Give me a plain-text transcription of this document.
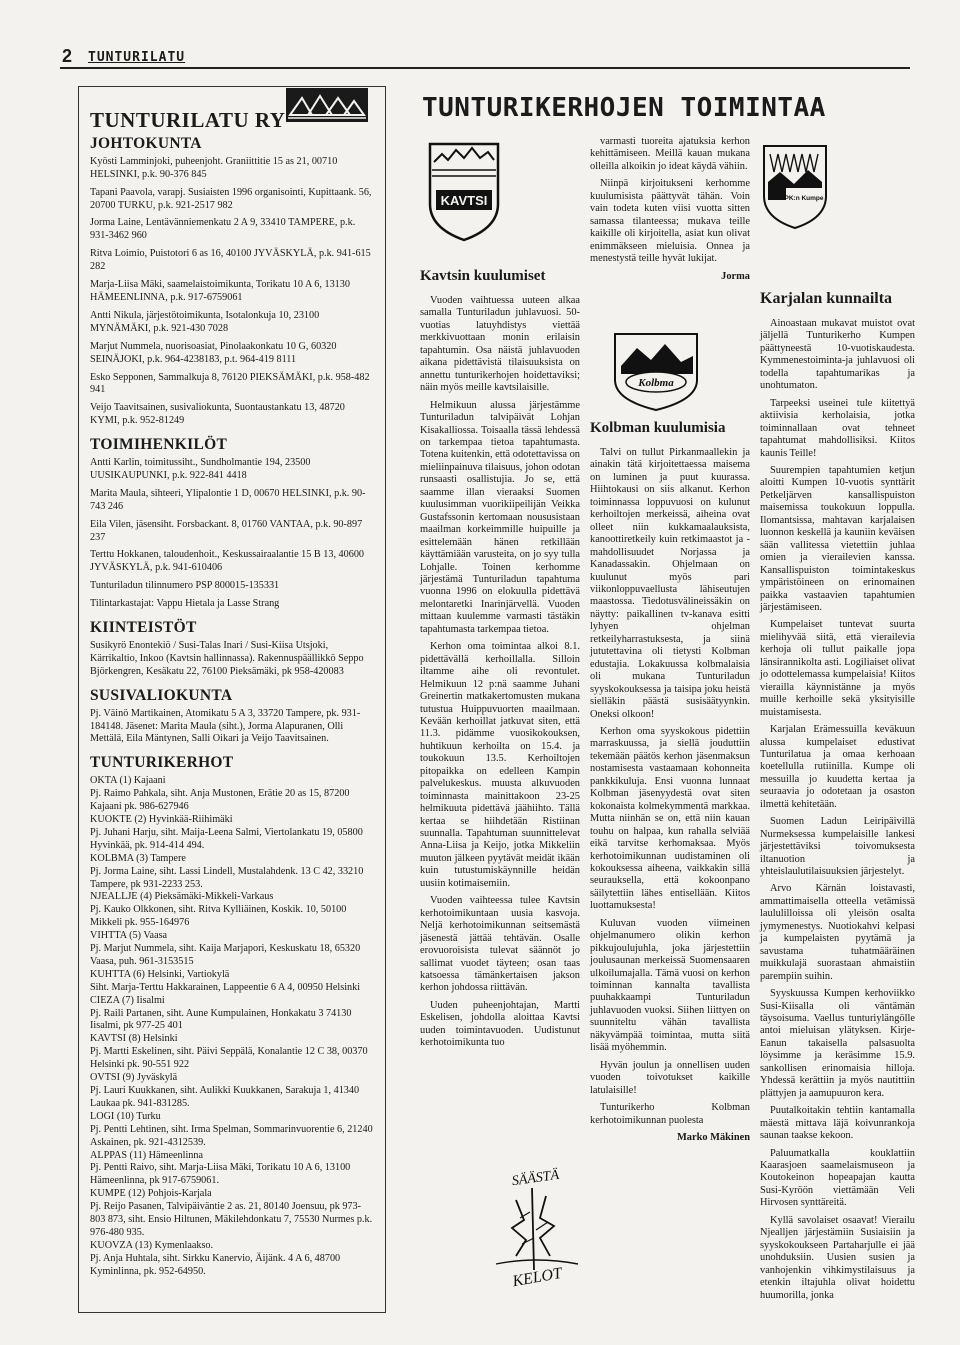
2 TUNTURILATU
TUNTURILATU RY
JOHTOKUNTA

Kyösti Lamminjoki, puheenjoht. Graniittitie 15 as 21, 00710 HELSINKI, p.k. 90-376 845

Tapani Paavola, varapj. Susiaisten 1996 organisointi, Kupittaank. 56, 20700 TURKU, p.k. 921-2517 982

Jorma Laine, Lentävänniemenkatu 2 A 9, 33410 TAMPERE, p.k. 931-3462 960

Ritva Loimio, Puistotori 6 as 16, 40100 JYVÄSKYLÄ, p.k. 941-615 282

Marja-Liisa Mäki, saamelaistoimikunta, Torikatu 10 A 6, 13130 HÄMEENLINNA, p.k. 917-6759061

Antti Nikula, järjestötoimikunta, Isotalonkuja 10, 23100 MYNÄMÄKI, p.k. 921-430 7028

Marjut Nummela, nuorisoasiat, Pinolaakonkatu 10 G, 60320 SEINÄJOKI, p.k. 964-4238183, p.t. 964-419 8111

Esko Sepponen, Sammalkuja 8, 76120 PIEKSÄMÄKI, p.k. 958-482 941

Veijo Taavitsainen, susivaliokunta, Suontaustankatu 13, 48720 KYMI, p.k. 952-81249

TOIMIHENKILÖT

Antti Karlin, toimitussiht., Sundholmantie 194, 23500 UUSIKAUPUNKI, p.k. 922-841 4418

Marita Maula, sihteeri, Ylipalontie 1 D, 00670 HELSINKI, p.k. 90-743 246

Eila Vilen, jäsensiht. Forsbackant. 8, 01760 VANTAA, p.k. 90-897 237

Terttu Hokkanen, taloudenhoit., Keskussairaalantie 15 B 13, 40600 JYVÄSKYLÄ, p.k. 941-610406

Tunturiladun tilinnumero PSP 800015-135331

Tilintarkastajat: Vappu Hietala ja Lasse Strang

KIINTEISTÖT

Susikyrö Enontekiö / Susi-Talas Inari / Susi-Kiisa Utsjoki, Kärrikaltio, Inkoo (Kavtsin hallinnassa). Rakennuspäällikkö Seppo Björkengren, Kesäkatu 22, 76100 Pieksämäki, pk 958-420083

SUSIVALIOKUNTA

Pj. Väinö Martikainen, Atomikatu 5 A 3, 33720 Tampere, pk. 931-184148. Jäsenet: Marita Maula (siht.), Jorma Alapuranen, Olli Mettälä, Eila Mäntynen, Salli Oikari ja Veijo Taavitsainen.

TUNTURIKERHOT

OKTA (1) Kajaani

Pj. Raimo Pahkala, siht. Anja Mustonen, Erätie 20 as 15, 87200 Kajaani pk. 986-627946

KUOKTE (2) Hyvinkää-Riihimäki

Pj. Juhani Harju, siht. Maija-Leena Salmi, Viertolankatu 19, 05800 Hyvinkää, pk. 914-414 494.

KOLBMA (3) Tampere

Pj. Jorma Laine, siht. Lassi Lindell, Mustalahdenk. 13 C 42, 33210 Tampere, pk 931-2233 253.

NJEALLJE (4) Pieksämäki-Mikkeli-Varkaus

Pj. Kauko Olkkonen, siht. Ritva Kylliäinen, Koskik. 10, 50100 Mikkeli pk. 955-164976

VIHTTA (5) Vaasa

Pj. Marjut Nummela, siht. Kaija Marjapori, Keskuskatu 18, 65320 Vaasa, puh. 961-3153515

KUHTTA (6) Helsinki, Vartiokylä

Siht. Marja-Terttu Hakkarainen, Lappeentie 6 A 4, 00950 Helsinki

CIEZA (7) Iisalmi

Pj. Raili Partanen, siht. Aune Kumpulainen, Honkakatu 3 74130 Iisalmi, pk 977-25 401

KAVTSI (8) Helsinki

Pj. Martti Eskelinen, siht. Päivi Seppälä, Konalantie 12 C 38, 00370 Helsinki pk. 90-551 922

OVTSI (9) Jyväskylä

Pj. Lauri Kuukkanen, siht. Aulikki Kuukkanen, Sarakuja 1, 41340 Laukaa pk. 941-831285.

LOGI (10) Turku

Pj. Pentti Lehtinen, siht. Irma Spelman, Sommarinvuorentie 6, 21240 Askainen, pk. 921-4312539.

ALPPAS (11) Hämeenlinna

Pj. Pentti Raivo, siht. Marja-Liisa Mäki, Torikatu 10 A 6, 13100 Hämeenlinna, pk 917-6759061.

KUMPE (12) Pohjois-Karjala

Pj. Reijo Pasanen, Talvipäiväntie 2 as. 21, 80140 Joensuu, pk 973-803 873, siht. Ensio Hiltunen, Mäkilehdonkatu 7, 75530 Nurmes p.k. 976-480 935.

KUOVZA (13) Kymenlaakso.

Pj. Anja Huhtala, siht. Sirkku Kanervio, Äijänk. 4 A 6, 48700 Kyminlinna, pk. 952-64950.

TUNTURIKERHOJEN TOIMINTAA
KAVTSI
Kavtsin kuulumiset

Vuoden vaihtuessa uuteen alkaa samalla Tunturiladun juhlavuosi. 50-vuotias latuyhdistys viettää merkkivuottaan monin erilaisin tapahtumin. Osa näistä juhlavuoden aikana pidettävistä tilaisuuksista on annettu tunturikerhojen hoidettaviksi; näin myös meille kavtsilaisille.

Helmikuun alussa järjestämme Tunturiladun talvipäivät Lohjan Kisakalliossa. Toisaalla tässä lehdessä on tarkempaa tietoa tapahtumasta. Totena kuitenkin, että odotettavissa on mieliinpainuva tilaisuus, johon odotan runsaasti osallistujia. Jo se, että saamme illan vieraaksi Suomen kuulusimman vuorikiipeilijän Veikka Gustafssonin kertomaan noususistaan maailman korkeimmille huipuille ja esittelemään hänen retkillään käyttämiään varusteita, on jo syy tulla Lohjalle. Toinen kerhomme järjestämä Tunturiladun tapahtuma vuonna 1996 on elokuulla pidettävä melontaretki Inarinjärvellä. Vuoden mittaan kuulemme varmasti tästäkin tapahtumasta tarkempaa tietoa.

Kerhon oma toimintaa alkoi 8.1. pidettävällä kerhoillalla. Silloin iltamme aihe oli revontulet. Helmikuun 12 p:nä saamme Juhani Greinertin matkakertomusten mukana tutustua Huippuvuorten maailmaan. Kevään kerhoillat jatkuvat siten, että 11.3. pidämme vuosikokouksen, huhtikuun kerhoilta on 15.4. ja toukokuun 13.5. Kerhoiltojen pitopaikka on edelleen Kampin palvelukeskus. muusta alkuvuoden toiminnasta mainittakoon 23-25 helmikuuta pidettävä jäähiihto. Tällä kertaa se hiihdetään Ristiinan suunnalla. Tapahtuman suunnittelevat Anna-Liisa ja Keijo, jotka Mikkeliin muuton jälkeen pyytävät meidät ikään kuin tutustumiskäynnille heidän uusiin kotimaisemiin.

Vuoden vaihteessa tulee Kavtsin kerhotoimikuntaan uusia kasvoja. Neljä kerhotoimikunnan seitsemästä jäsenestä jättää tehtävän. Osalle erovuoroisista tulevat säännöt jo sallimat vuodet täyteen; osan taas katsoessa tämänkertaisen jakson kerhon johdossa riittävän.

Uuden puheenjohtajan, Martti Eskelisen, johdolla aloittaa Kavtsi uuden toimintavuoden. Uudistunut kerhotoimikunta tuo

varmasti tuoreita ajatuksia kerhon kehittämiseen. Meillä kauan mukana olleilla alkoikin jo ideat käydä vähiin.

Niinpä kirjoitukseni kerhomme kuulumisista päättyvät tähän. Voin vain todeta kuten viisi vuotta sitten samassa tilanteessa; mukava teille kaikille oli kirjoitella, asiat kun olivat enimmäkseen mieluisia. Onnea ja menestystä teille hyvät lukijat.

Jorma

Kolbma
Kolbman kuulumisia

Talvi on tullut Pirkanmaallekin ja ainakin tätä kirjoitettaessa maisema on luminen ja puut kuurassa. Hiihtokausi on siis alkanut. Kerhon toiminnassa loppuvuosi on kulunut kerhoiltojen merkeissä, aiheina ovat olleet niin kukkamaalauksista, kanoottiretkeily kuin retkimaastot ja -mahdollisuudet Norjassa ja Kanadassakin. Ohjelmaan on kuulunut myös pari viikonloppuvaellusta lähiseutujen maastossa. Tiedotusvälineissäkin on näytty: paikallinen tv-kanava esitti lyhyen ohjelman retkeilyharrastuksesta, ja siinä jututettavina oli tietysti Kolbman edustajia. Lokakuussa kolbmalaisia oli mukana Tunturiladun syyskokouksessa ja taisipa joku heistä sielläkin päästä susisäätyynkin. Oneksi olkoon!

Kerhon oma syyskokous pidettiin marraskuussa, ja siellä jouduttiin tekemään päätös kerhon jäsenmaksun nostamisesta vastaamaan kohonneita pankkikuluja. Ensi vuonna lunnaat Kolbman jäsenyydestä ovat siten kokonaista kolmekymmentä markkaa. Mutta niinhän se on, että niin kauan touhu on halpaa, kun rahalla selviää eikä tarvitse kerhomaksaa. Myös kerhotoimikunnan uudistaminen oli kokouksessa aiheena, vaikkakin sillä seurauksella, että kokoonpano säilytettiin lähes entisellään. Kiitos luottamuksesta!

Kuluvan vuoden viimeinen ohjelmanumero olikin kerhon pikkujoulujuhla, joka järjestettiin joulusaunan merkeissä Suomensaaren ulkoilumajalla. Tämä vuosi on kerhon toiminnan kannalta tavallista puuhakkaampi Tunturiladun juhlavuoden vuoksi. Siihen liittyen on suunniteltu vähän tavallista näkyvämpää toimintaa, mutta siitä lisää myöhemmin.

Hyvän joulun ja onnellisen uuden vuoden toivotukset kaikille latulaisille!

Tunturikerho Kolbman kerhotoimikunnan puolesta

Marko Mäkinen

PK:n Kumpe
Karjalan kunnailta

Ainoastaan mukavat muistot ovat jäljellä Tunturikerho Kumpen päättyneestä 10-vuotiskaudesta. Kymmenestoiminta-ja juhlavuosi oli todella tapahtumarikas ja unohtumaton.

Tarpeeksi useinei tule kiitettyä aktiivisia kerholaisia, jotka toiminnallaan ovat tehneet tapahtumat mahdollisiksi. Kiitos kaunis Teille!

Suurempien tapahtumien ketjun aloitti Kumpen 10-vuotis synttärit Petkeljärven kansallispuiston maisemissa toukokuun loppulla. Ilomantsissa, mahtavan karjalaisen luonnon keskellä ja kauniin keväisen sään vallitessa vietettiin juhlaa omien ja vierailevien kanssa. Kansallispuiston toimintakeskus ympäristöineen on erinomainen paikka vastaavien tapahtumien järjestämiseen.

Kumpelaiset tuntevat suurta mielihyvää siitä, että vierailevia kerhoja oli tullut paikalle jopa länsirannikolta asti. Logiliaiset olivat jo odottelemassa kumpelaisia! Kiitos vierailla käynnistänne ja myös muille kerhoille sekä yksityisille muistamisesta.

Karjalan Erämessuilla keväkuun alussa kumpelaiset edustivat Tunturilatua ja omaa kerhoaan koetellulla rutiinilla. Kumpe oli messuilla jo kuudetta kertaa ja seuraavia jo odotetaan ja osaston ilmettä kehitetään.

Suomen Ladun Leiripäivillä Nurmeksessa kumpelaisille lankesi järjestettäviksi toivomuksesta iltanuotion ja yhteislaulutilaisuuksien järjestelyt.

Arvo Kärnän loistavasti, ammattimaisella otteella vetämissä laululilloissa oli yleisön osalta jymymenestys. Nuotiokahvi kelpasi ja kumpelaisten pyytämä ja savustama tuhatmääräinen muikkulajä suorastaan ahmaistiin parempiin suihin.

Syyskuussa Kumpen kerhoviikko Susi-Kiisalla oli väntämän täysoisuma. Vaellus tunturiylängölle antoi mieluisan ylätyksen. Kirje-Eanun takaisella palsasuolta löysimme ja keräsimme 15.9. sankollisen erinomaisia hilloja. Yhdessä kerättiin ja myös nautittiin plättyjen ja aamupuuron kera.

Puutalkoitakin tehtiin kantamalla mäestä mittava läjä koivunrankoja saunan taakse kekoon.

Paluumatkalla kouklattiin Kaarasjoen saamelaismuseon ja Koutokeinon hopeapajan kautta Susi-Kyröön viettämään Veli Hirvosen synttäreitä.

Kyllä savolaiset osaavat! Vierailu Njealljen järjestämiin Susiaisiin ja syyskokoukseen Partaharjulle ei jää unohduksiin. Uusien susien ja vanhojenkin vihkimystilaisuus ja etenkin iltajuhla olivat hoidettu huumorilla, jonka

SÄÄSTÄ
KELOT
